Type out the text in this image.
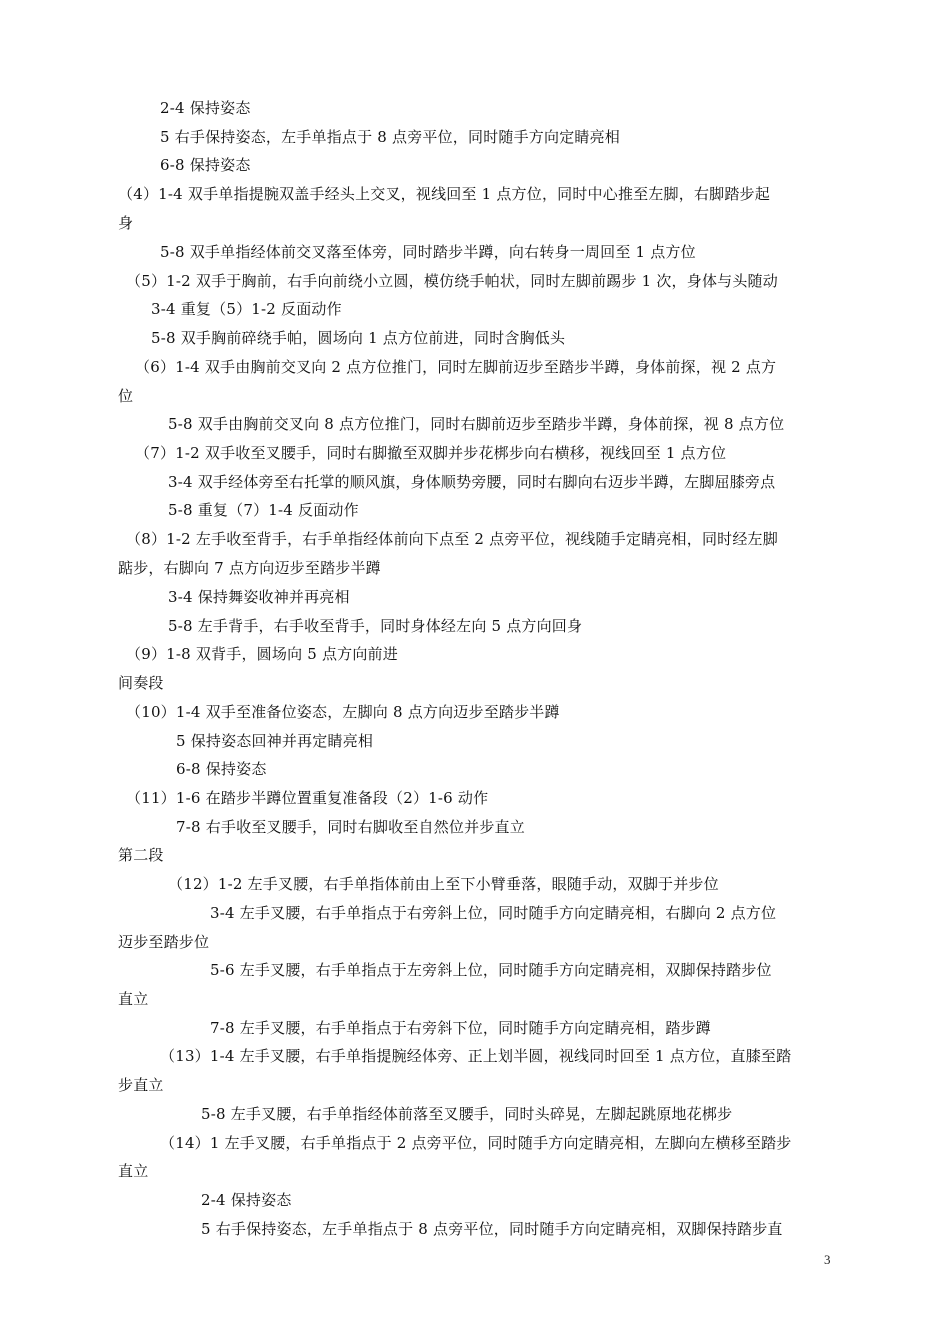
2-4 保持姿态
5 右手保持姿态，左手单指点于 8 点旁平位，同时随手方向定睛亮相
6-8 保持姿态
（4）1-4 双手单指提腕双盖手经头上交叉，视线回至 1 点方位，同时中心推至左脚，右脚踏步起
身
5-8 双手单指经体前交叉落至体旁，同时踏步半蹲，向右转身一周回至 1 点方位
（5）1-2 双手于胸前，右手向前绕小立圆，模仿绕手帕状，同时左脚前踢步 1 次，身体与头随动
3-4 重复（5）1-2 反面动作
5-8 双手胸前碎绕手帕，圆场向 1 点方位前进，同时含胸低头
（6）1-4 双手由胸前交叉向 2 点方位推门，同时左脚前迈步至踏步半蹲，身体前探，视 2 点方
位
5-8 双手由胸前交叉向 8 点方位推门，同时右脚前迈步至踏步半蹲，身体前探，视 8 点方位
（7）1-2 双手收至叉腰手，同时右脚撤至双脚并步花梆步向右横移，视线回至 1 点方位
3-4 双手经体旁至右托掌的顺风旗，身体顺势旁腰，同时右脚向右迈步半蹲，左脚屈膝旁点
5-8 重复（7）1-4 反面动作
（8）1-2 左手收至背手，右手单指经体前向下点至 2 点旁平位，视线随手定睛亮相，同时经左脚
踮步，右脚向 7 点方向迈步至踏步半蹲
3-4 保持舞姿收神并再亮相
5-8 左手背手，右手收至背手，同时身体经左向 5 点方向回身
（9）1-8 双背手，圆场向 5 点方向前进
间奏段
（10）1-4 双手至准备位姿态，左脚向 8 点方向迈步至踏步半蹲
5 保持姿态回神并再定睛亮相
6-8 保持姿态
（11）1-6 在踏步半蹲位置重复准备段（2）1-6 动作
7-8 右手收至叉腰手，同时右脚收至自然位并步直立
第二段
（12）1-2 左手叉腰，右手单指体前由上至下小臂垂落，眼随手动，双脚于并步位
3-4 左手叉腰，右手单指点于右旁斜上位，同时随手方向定睛亮相，右脚向 2 点方位
迈步至踏步位
5-6 左手叉腰，右手单指点于左旁斜上位，同时随手方向定睛亮相，双脚保持踏步位
直立
7-8 左手叉腰，右手单指点于右旁斜下位，同时随手方向定睛亮相，踏步蹲
（13）1-4 左手叉腰，右手单指提腕经体旁、正上划半圆，视线同时回至 1 点方位，直膝至踏
步直立
5-8 左手叉腰，右手单指经体前落至叉腰手，同时头碎晃，左脚起跳原地花梆步
（14）1 左手叉腰，右手单指点于 2 点旁平位，同时随手方向定睛亮相，左脚向左横移至踏步
直立
2-4 保持姿态
5 右手保持姿态，左手单指点于 8 点旁平位，同时随手方向定睛亮相，双脚保持踏步直
3
